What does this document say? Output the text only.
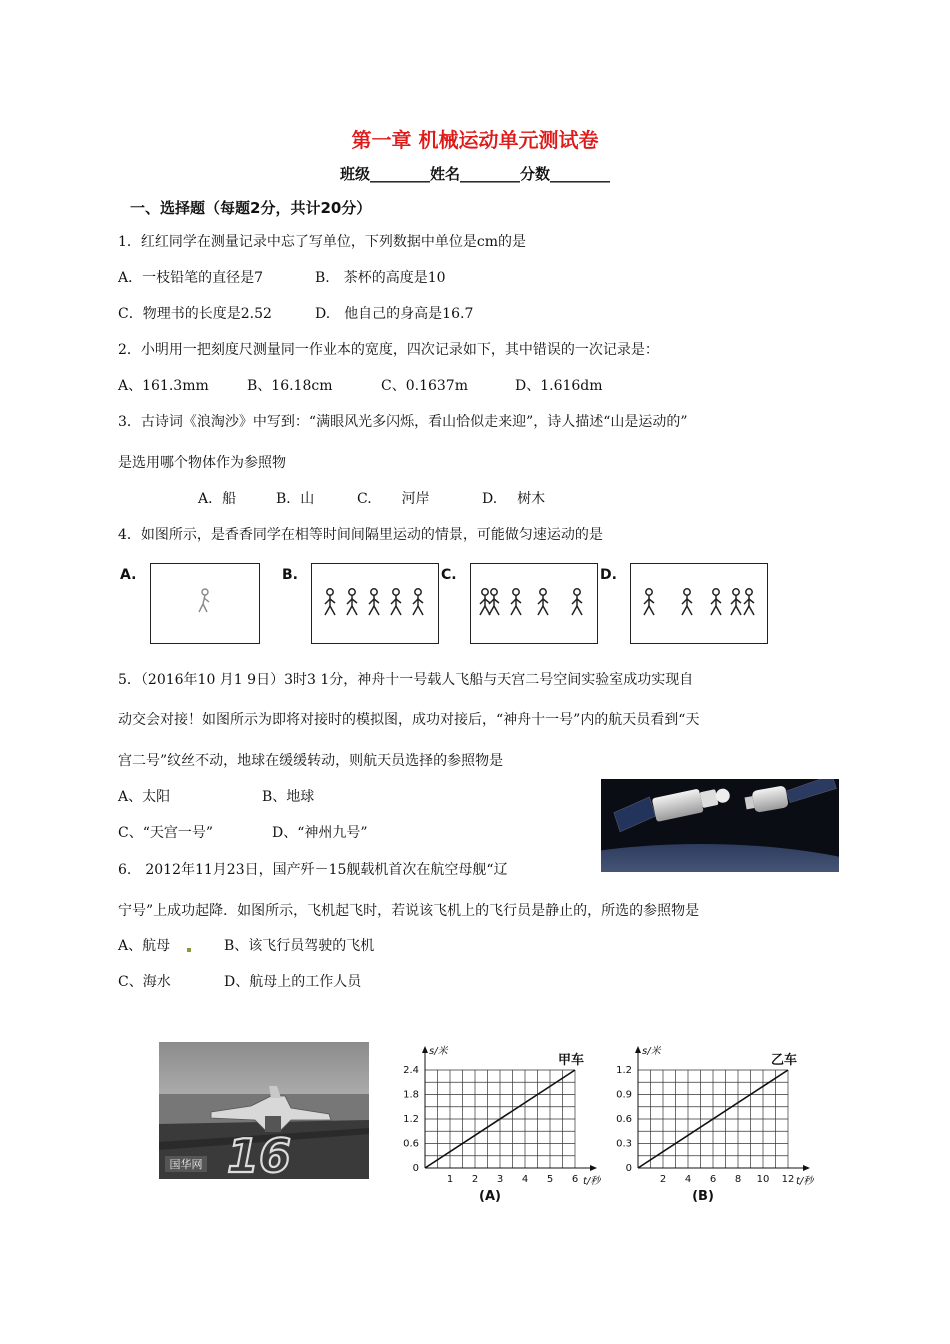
第一章 机械运动单元测试卷
班级________姓名________分数________
一、选择题（每题2分，共计20分）
1．红红同学在测量记录中忘了写单位，下列数据中单位是cm的是
A．一枝铅笔的直径是7	B.　茶杯的高度是10
C．物理书的长度是2.52	D.　他自己的身高是16.7
2．小明用一把刻度尺测量同一作业本的宽度，四次记录如下，其中错误的一次记录是：
A、161.3mm	B、16.18cm	C、0.1637m	D、1.616dm
3．古诗词《浪淘沙》中写到：“满眼风光多闪烁，看山恰似走来迎”，诗人描述“山是运动的”
是选用哪个物体作为参照物
A．船	B．山	C. 河岸	D. 树木
4．如图所示，是香香同学在相等时间间隔里运动的情景，可能做匀速运动的是
A.	B.	C.	D.
5．（2016年10 月1 9日）3时3 1分，神舟十一号载人飞船与天宫二号空间实验室成功实现自
动交会对接！如图所示为即将对接时的模拟图，成功对接后，“神舟十一号”内的航天员看到“天
宫二号”纹丝不动，地球在缓缓转动，则航天员选择的参照物是
A、太阳	B、地球
C、“天宫一号”	D、“神州九号”
6.　2012年11月23日，国产歼－15舰载机首次在航空母舰“辽
宁号”上成功起降．如图所示，飞机起飞时，若说该飞机上的飞行员是静止的，所选的参照物是
A、航母	B、该飞行员驾驶的飞机
C、海水	D、航母上的工作人员
16
国华网
1 2 3 4 5 6
0
0.6
1.2
1.8
2.4
s/米
t/秒
甲车
(A)
2 4 6 8 10 12
0
0.3
0.6
0.9
1.2
s/米
t/秒
乙车
(B)
